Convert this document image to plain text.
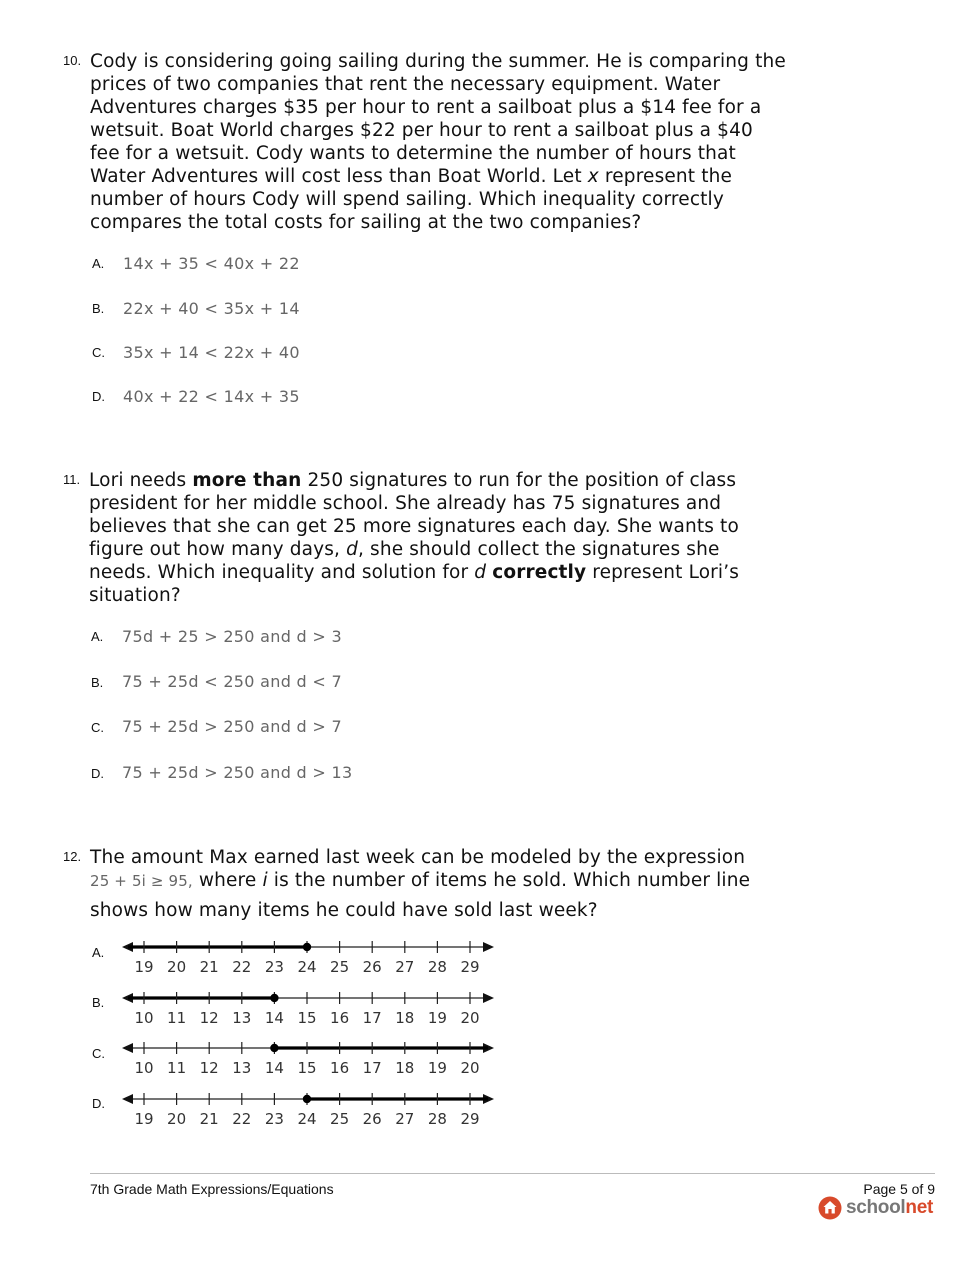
10. Cody is considering going sailing during the summer. He is comparing the

prices of two companies that rent the necessary equipment. Water

Adventures charges $35 per hour to rent a sailboat plus a $14 fee for a

wetsuit. Boat World charges $22 per hour to rent a sailboat plus a $40

fee for a wetsuit. Cody wants to determine the number of hours that

Water Adventures will cost less than Boat World. Let x represent the

number of hours Cody will spend sailing. Which inequality correctly

compares the total costs for sailing at the two companies?

A. 14x + 35 < 40x + 22
B. 22x + 40 < 35x + 14
C. 35x + 14 < 22x + 40
D. 40x + 22 < 14x + 35
11. Lori needs more than 250 signatures to run for the position of class

president for her middle school. She already has 75 signatures and

believes that she can get 25 more signatures each day. She wants to

figure out how many days, d, she should collect the signatures she

needs. Which inequality and solution for d correctly represent Lori’s

situation?

A. 75d + 25 > 250 and d > 3
B. 75 + 25d < 250 and d < 7
C. 75 + 25d > 250 and d > 7
D. 75 + 25d > 250 and d > 13
12. The amount Max earned last week can be modeled by the expression

25 + 5i ≥ 95, where i is the number of items he sold. Which number line

shows how many items he could have sold last week?

A.
19 20 21 22 23 24 25 26 27 28 29
B.
10 11 12 13 14 15 16 17 18 19 20
C.
10 11 12 13 14 15 16 17 18 19 20
D.
19 20 21 22 23 24 25 26 27 28 29
7th Grade Math Expressions/Equations	Page 5 of 9
schoolnet
